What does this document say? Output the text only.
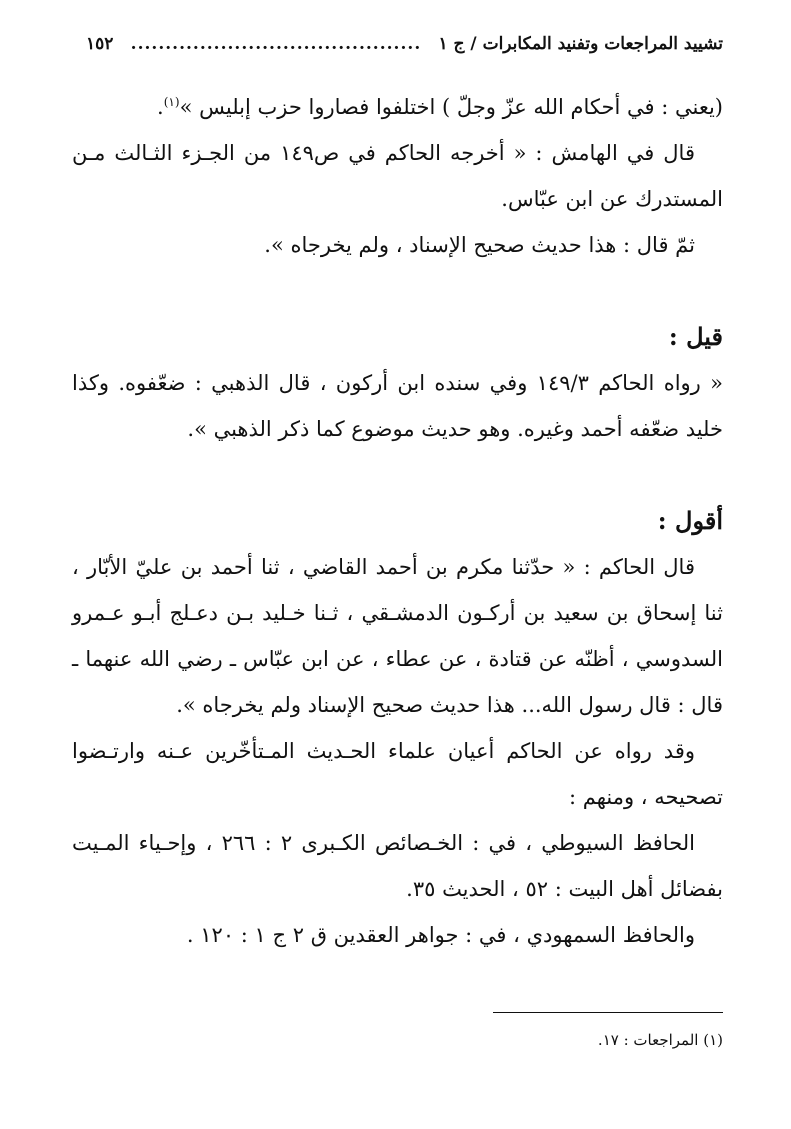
تشييد المراجعات وتفنيد المكابرات / ج ١
..........................................
١٥٢

(يعني : في أحكام الله عزّ وجلّ ) اختلفوا فصاروا حزب إبليس »$^{(١)}$.

قال في الهامش : « أخرجه الحاكم في ص١٤٩ من الجـزء الثـالث مـن المستدرك عن ابن عبّاس.

ثمّ قال : هذا حديث صحيح الإسناد ، ولم يخرجاه ».

قيل :

« رواه الحاكم ١٤٩/٣ وفي سنده ابن أركون ، قال الذهبي : ضعّفوه. وكذا خليد ضعّفه أحمد وغيره. وهو حديث موضوع كما ذكر الذهبي ».

أقول :

قال الحاكم : « حدّثنا مكرم بن أحمد القاضي ، ثنا أحمد بن عليّ الأبّار ، ثنا إسحاق بن سعيد بن أركـون الدمشـقي ، ثـنا خـليد بـن دعـلج أبـو عـمرو السدوسي ، أظنّه عن قتادة ، عن عطاء ، عن ابن عبّاس ـ رضي الله عنهما ـ قال : قال رسول الله... هذا حديث صحيح الإسناد ولم يخرجاه ».

وقد رواه عن الحاكم أعيان علماء الحـديث المـتأخّرين عـنه وارتـضوا تصحيحه ، ومنهم :

الحافظ السيوطي ، في : الخـصائص الكـبرى ٢ : ٢٦٦ ، وإحـياء المـيت بفضائل أهل البيت : ٥٢ ، الحديث ٣٥.

والحافظ السمهودي ، في : جواهر العقدين ق ٢ ج ١ : ١٢٠ .

(١) المراجعات : ١٧.
